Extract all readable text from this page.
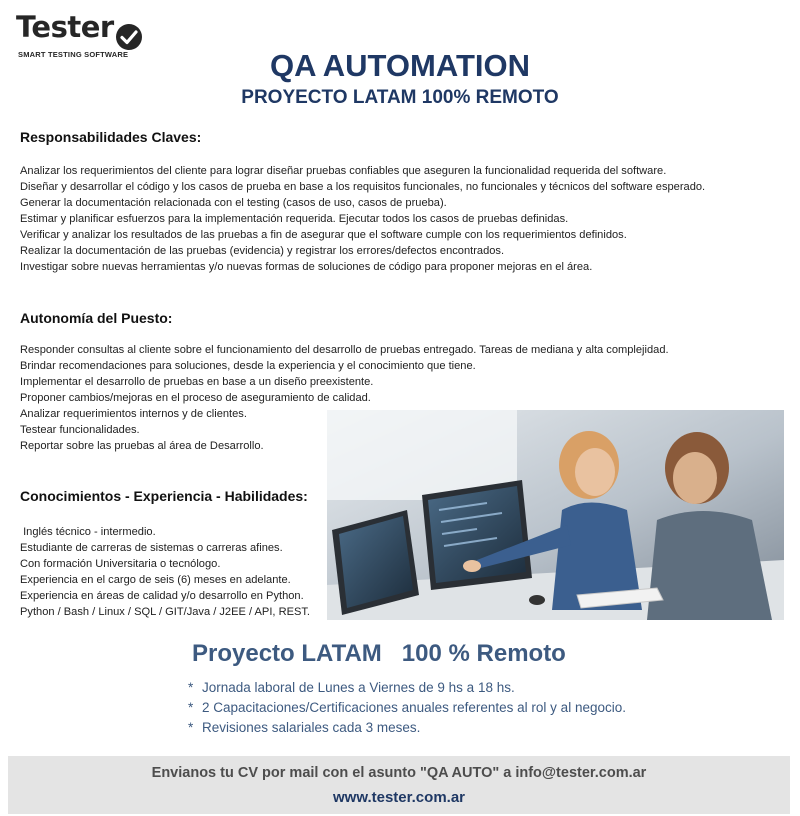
Tester
SMART TESTING SOFTWARE	QA AUTOMATION
PROYECTO LATAM 100% REMOTO
Responsabilidades Claves:
Analizar los requerimientos del cliente para lograr diseñar pruebas confiables que aseguren la funcionalidad requerida del software.
Diseñar y desarrollar el código y los casos de prueba en base a los requisitos funcionales, no funcionales y técnicos del software esperado.
Generar la documentación relacionada con el testing (casos de uso, casos de prueba).
Estimar y planificar esfuerzos para la implementación requerida. Ejecutar todos los casos de pruebas definidas.
Verificar y analizar los resultados de las pruebas a fin de asegurar que el software cumple con los requerimientos definidos.
Realizar la documentación de las pruebas (evidencia) y registrar los errores/defectos encontrados.
Investigar sobre nuevas herramientas y/o nuevas formas de soluciones de código para proponer mejoras en el área.
Autonomía del Puesto:
Responder consultas al cliente sobre el funcionamiento del desarrollo de pruebas entregado. Tareas de mediana y alta complejidad.
Brindar recomendaciones para soluciones, desde la experiencia y el conocimiento que tiene.
Implementar el desarrollo de pruebas en base a un diseño preexistente.
Proponer cambios/mejoras en el proceso de aseguramiento de calidad.
Analizar requerimientos internos y de clientes.
Testear funcionalidades.
Reportar sobre las pruebas al área de Desarrollo.
Conocimientos - Experiencia - Habilidades:
Inglés técnico - intermedio.
Estudiante de carreras de sistemas o carreras afines.
Con formación Universitaria o tecnólogo.
Experiencia en el cargo de seis (6) meses en adelante.
Experiencia en áreas de calidad y/o desarrollo en Python.
Python / Bash / Linux / SQL / GIT/Java / J2EE / API, REST.
Proyecto LATAM   100 % Remoto
* Jornada laboral de Lunes a Viernes de 9 hs a 18 hs.
* 2 Capacitaciones/Certificaciones anuales referentes al rol y al negocio.
* Revisiones salariales cada 3 meses.
Envianos tu CV por mail con el asunto "QA AUTO" a info@tester.com.ar
www.tester.com.ar
